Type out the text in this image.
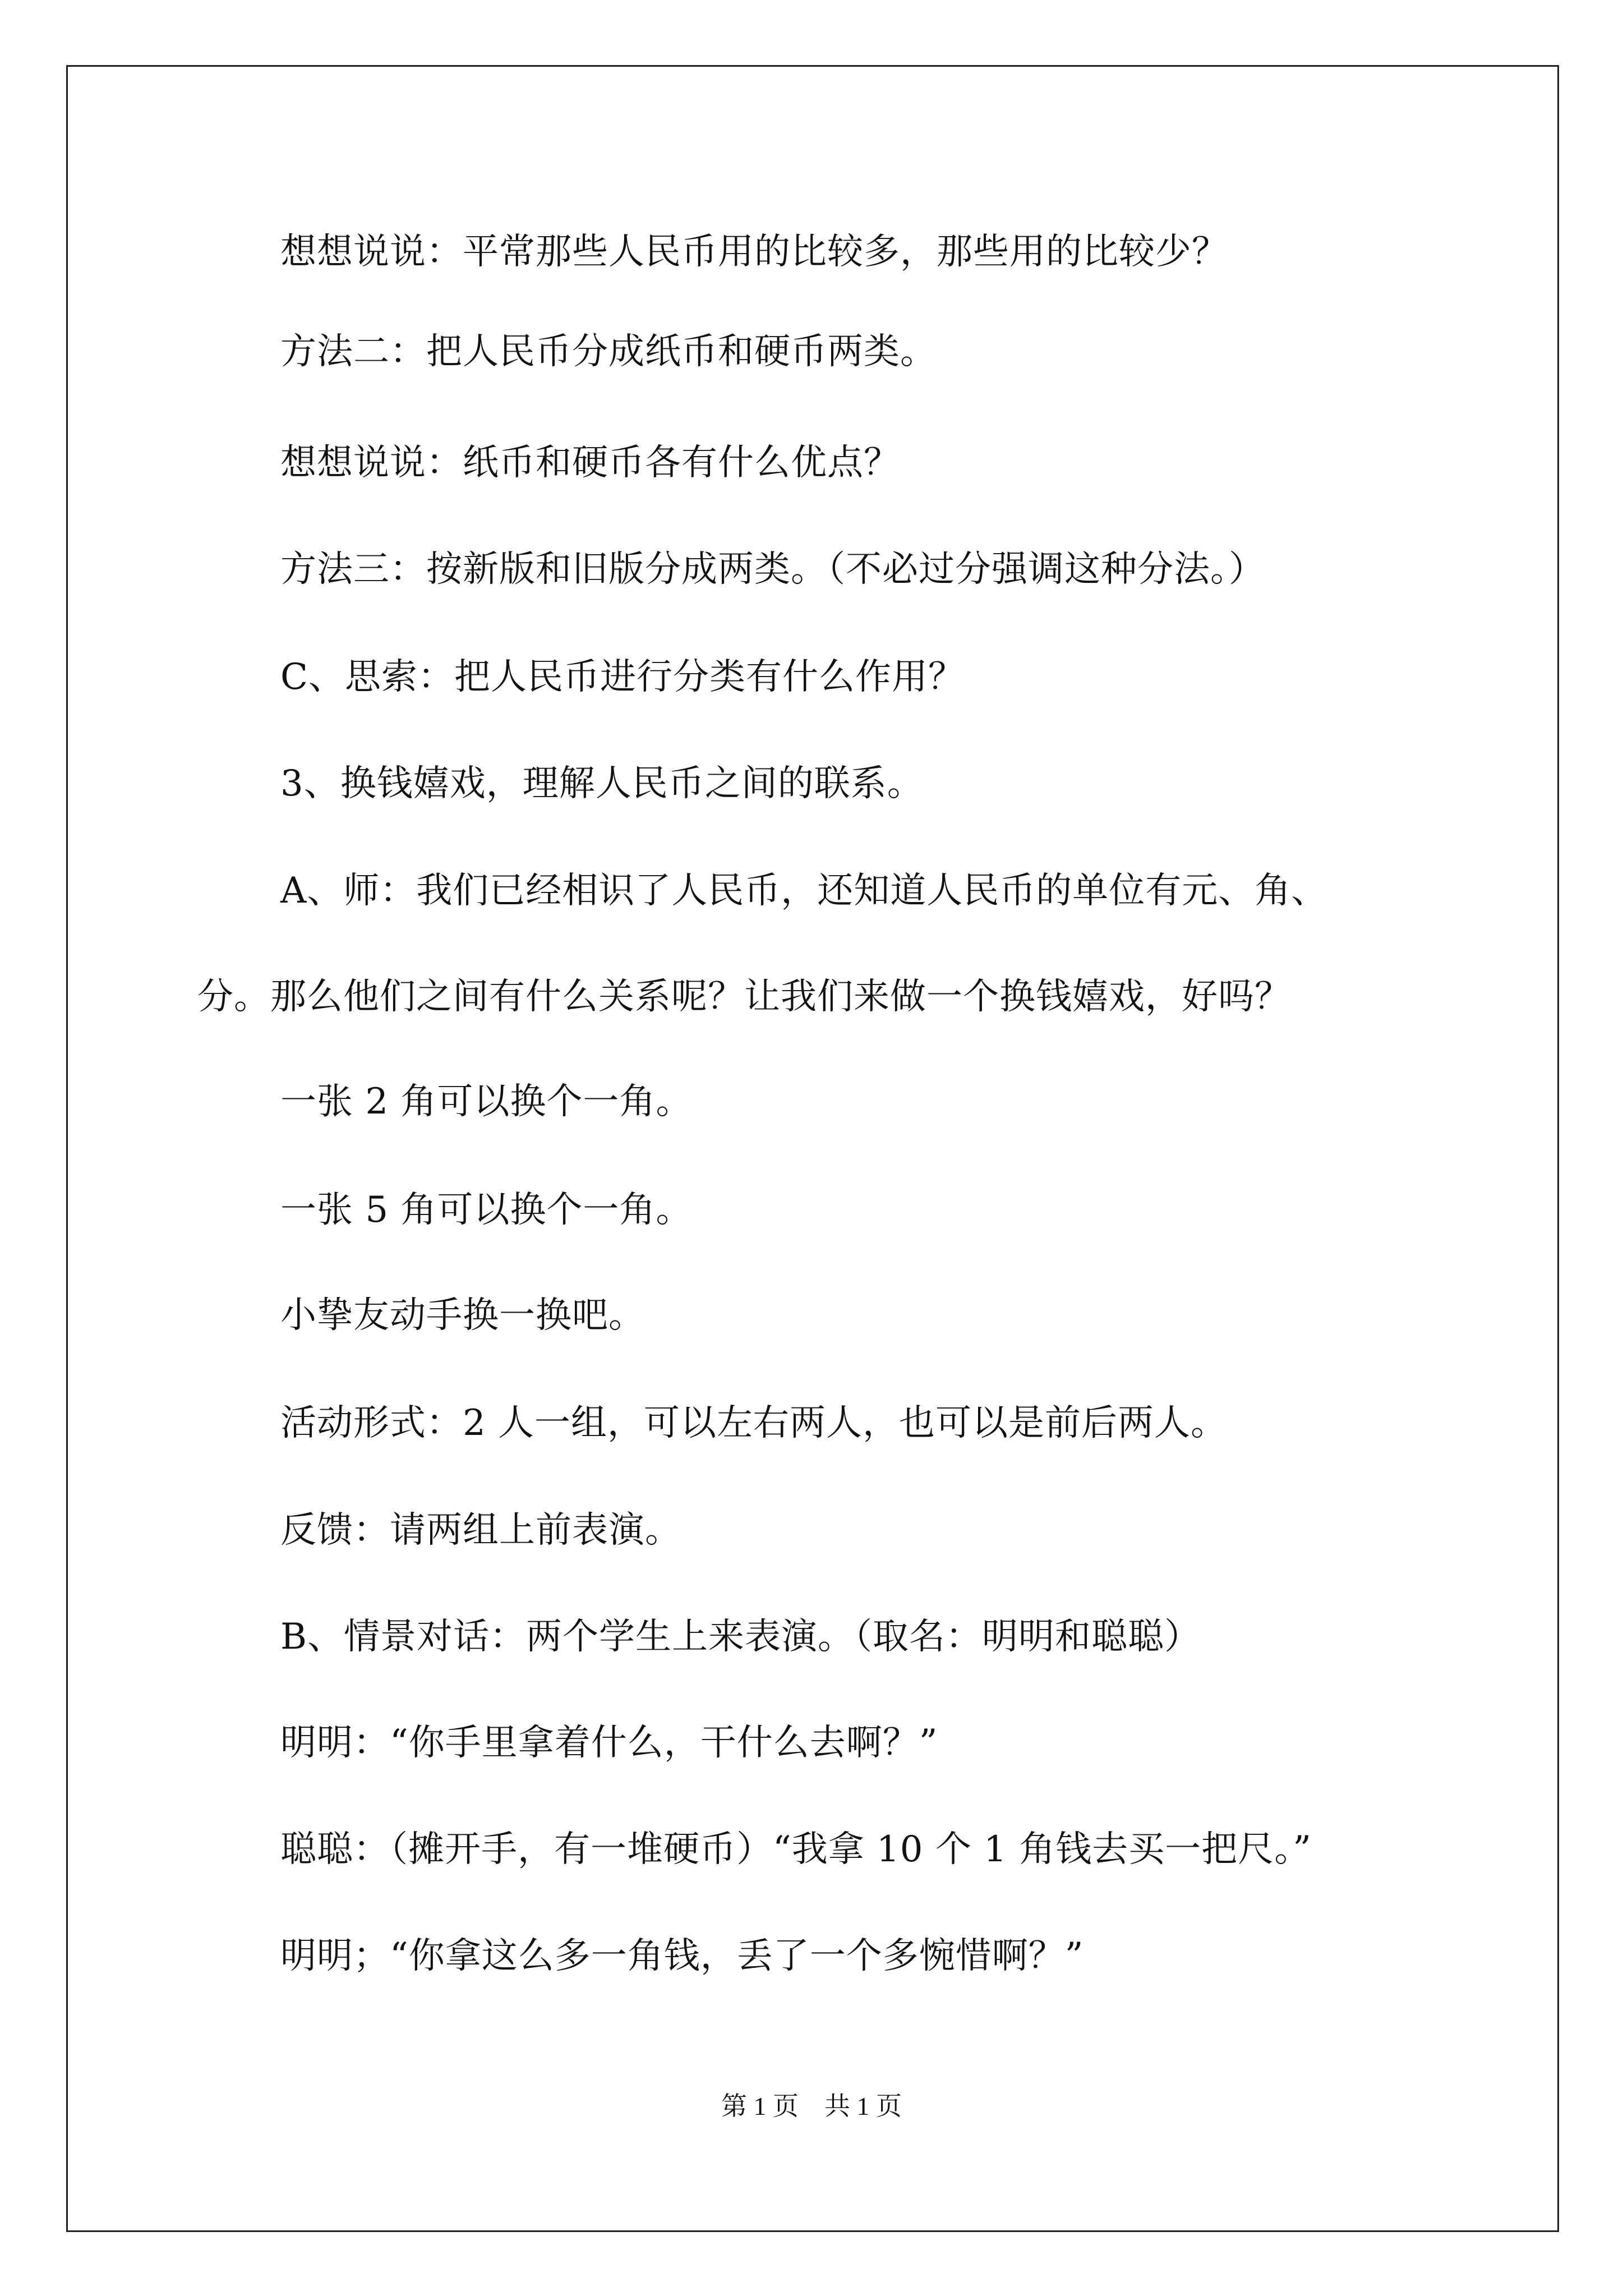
想想说说：平常那些人民币用的比较多，那些用的比较少？
方法二：把人民币分成纸币和硬币两类。
想想说说：纸币和硬币各有什么优点？
方法三：按新版和旧版分成两类。（不必过分强调这种分法。）
C、思索：把人民币进行分类有什么作用？
3、换钱嬉戏，理解人民币之间的联系。
A、师：我们已经相识了人民币，还知道人民币的单位有元、角、
分。那么他们之间有什么关系呢？让我们来做一个换钱嬉戏，好吗？
一张 2 角可以换个一角。
一张 5 角可以换个一角。
小挚友动手换一换吧。
活动形式：2 人一组，可以左右两人，也可以是前后两人。
反馈：请两组上前表演。
B、情景对话：两个学生上来表演。（取名：明明和聪聪）
明明：“你手里拿着什么，干什么去啊？”
聪聪：（摊开手，有一堆硬币）“我拿 10 个 1 角钱去买一把尺。”
明明；“你拿这么多一角钱，丢了一个多惋惜啊？”
第 1 页 共 1 页
